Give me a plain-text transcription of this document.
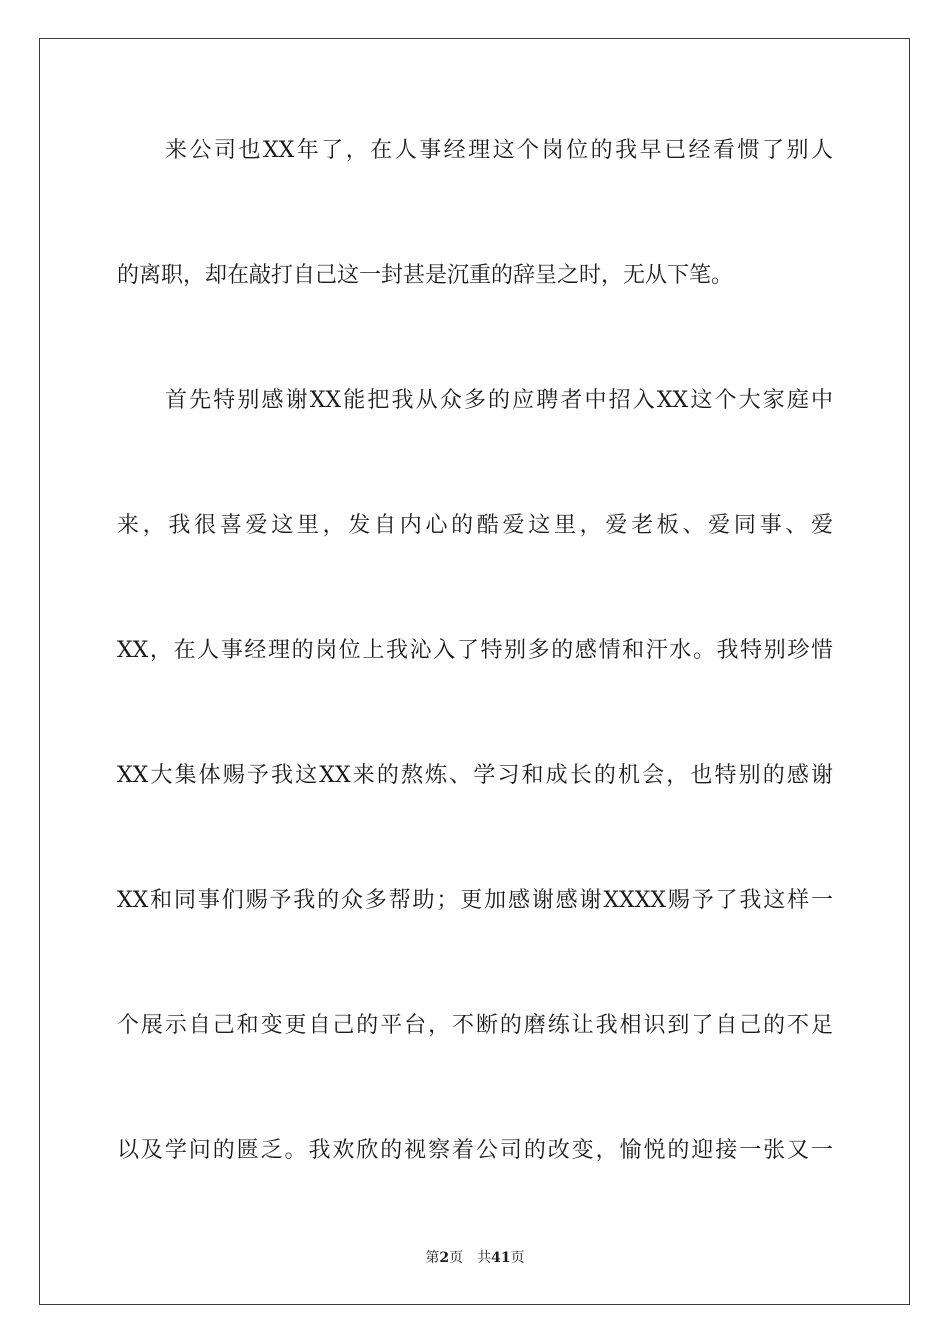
来公司也XX年了，在人事经理这个岗位的我早已经看惯了别人
的离职，却在敲打自己这一封甚是沉重的辞呈之时，无从下笔。
首先特别感谢XX能把我从众多的应聘者中招入XX这个大家庭中
来，我很喜爱这里，发自内心的酷爱这里，爱老板、爱同事、爱
XX，在人事经理的岗位上我沁入了特别多的感情和汗水。我特别珍惜
XX大集体赐予我这XX来的熬炼、学习和成长的机会，也特别的感谢
XX和同事们赐予我的众多帮助；更加感谢感谢XXXX赐予了我这样一
个展示自己和变更自己的平台，不断的磨练让我相识到了自己的不足
以及学问的匮乏。我欢欣的视察着公司的改变，愉悦的迎接一张又一
第2页 共41页
